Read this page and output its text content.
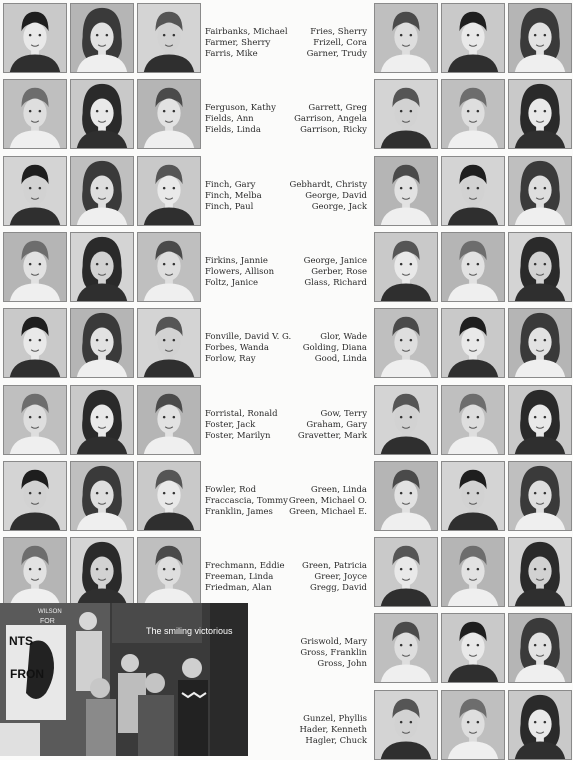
Fairbanks, Michael
Farmer, Sherry
Farris, Mike
Ferguson, Kathy
Fields, Ann
Fields, Linda
Finch, Gary
Finch, Melba
Finch, Paul
Firkins, Jannie
Flowers, Allison
Foltz, Janice
Fonville, David V. G.
Forbes, Wanda
Forlow, Ray
Forristal, Ronald
Foster, Jack
Foster, Marilyn
Fowler, Rod
Fraccascia, Tommy
Franklin, James
Frechmann, Eddie
Freeman, Linda
Friedman, Alan
Fries, Sherry
Frizell, Cora
Garner, Trudy
Garrett, Greg
Garrison, Angela
Garrison, Ricky
Gebhardt, Christy
George, David
George, Jack
George, Janice
Gerber, Rose
Glass, Richard
Glor, Wade
Golding, Diana
Good, Linda
Gow, Terry
Graham, Gary
Gravetter, Mark
Green, Linda
Green, Michael O.
Green, Michael E.
Green, Patricia
Greer, Joyce
Gregg, David
Griswold, Mary
Gross, Franklin
Gross, John
Gunzel, Phyllis
Hader, Kenneth
Hagler, Chuck
NTS
FRON
WILSON
FOR
The smiling victorious
